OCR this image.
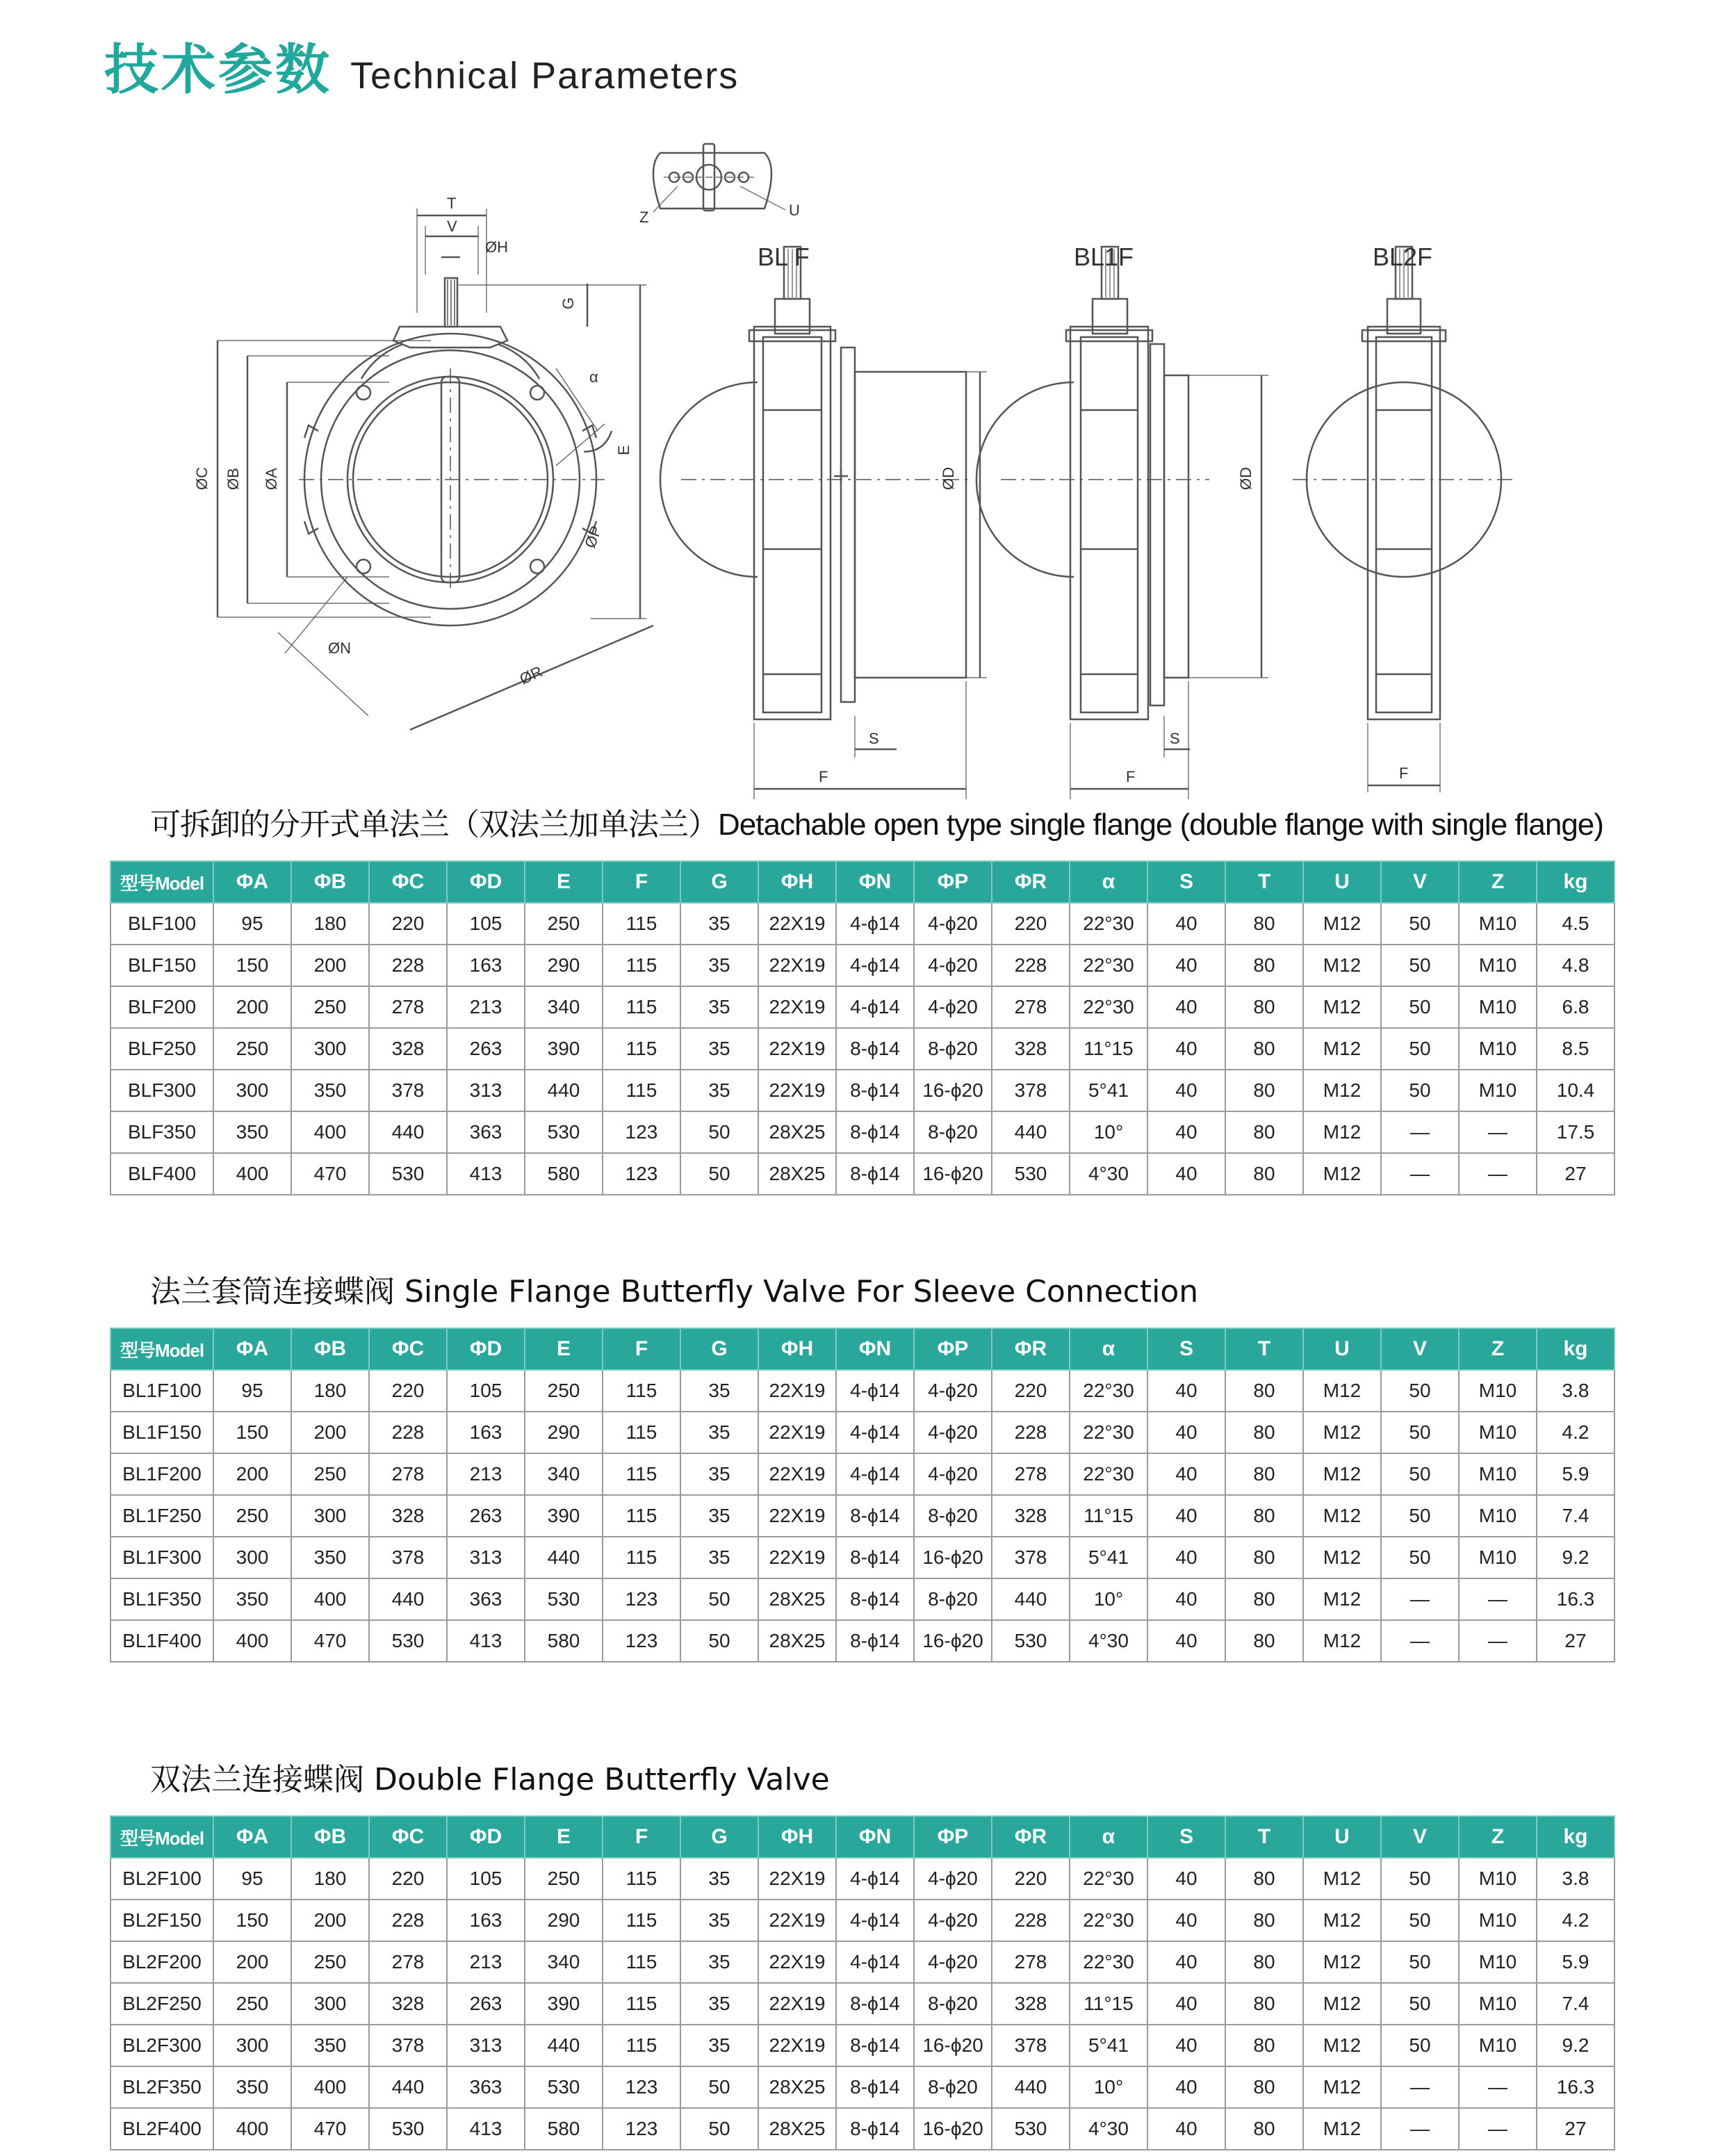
技术参数 Technical Parameters
T
V
ØH
G
E
ØC ØB ØA
α
ØP
ØN
ØR
Z	U
ØD	ØD
S	S
F	F	F
BL F	BL1F	BL2F
可拆卸的分开式单法兰（双法兰加单法兰）Detachable open type single flange (double flange with single flange)
型号Model	ΦA	ΦB	ΦC	ΦD	E	F	G	ΦH	ΦN	ΦP	ΦR	α	S	T	U	V	Z	kg
BLF100	95	180	220	105	250	115	35	22X19	4-ϕ14	4-ϕ20	220	22°30	40	80	M12	50	M10	4.5
BLF150	150	200	228	163	290	115	35	22X19	4-ϕ14	4-ϕ20	228	22°30	40	80	M12	50	M10	4.8
BLF200	200	250	278	213	340	115	35	22X19	4-ϕ14	4-ϕ20	278	22°30	40	80	M12	50	M10	6.8
BLF250	250	300	328	263	390	115	35	22X19	8-ϕ14	8-ϕ20	328	11°15	40	80	M12	50	M10	8.5
BLF300	300	350	378	313	440	115	35	22X19	8-ϕ14	16-ϕ20	378	5°41	40	80	M12	50	M10	10.4
BLF350	350	400	440	363	530	123	50	28X25	8-ϕ14	8-ϕ20	440	10°	40	80	M12	—	—	17.5
BLF400	400	470	530	413	580	123	50	28X25	8-ϕ14	16-ϕ20	530	4°30	40	80	M12	—	—	27
法兰套筒连接蝶阀 Single Flange Butterfly Valve For Sleeve Connection
型号Model	ΦA	ΦB	ΦC	ΦD	E	F	G	ΦH	ΦN	ΦP	ΦR	α	S	T	U	V	Z	kg
BL1F100	95	180	220	105	250	115	35	22X19	4-ϕ14	4-ϕ20	220	22°30	40	80	M12	50	M10	3.8
BL1F150	150	200	228	163	290	115	35	22X19	4-ϕ14	4-ϕ20	228	22°30	40	80	M12	50	M10	4.2
BL1F200	200	250	278	213	340	115	35	22X19	4-ϕ14	4-ϕ20	278	22°30	40	80	M12	50	M10	5.9
BL1F250	250	300	328	263	390	115	35	22X19	8-ϕ14	8-ϕ20	328	11°15	40	80	M12	50	M10	7.4
BL1F300	300	350	378	313	440	115	35	22X19	8-ϕ14	16-ϕ20	378	5°41	40	80	M12	50	M10	9.2
BL1F350	350	400	440	363	530	123	50	28X25	8-ϕ14	8-ϕ20	440	10°	40	80	M12	—	—	16.3
BL1F400	400	470	530	413	580	123	50	28X25	8-ϕ14	16-ϕ20	530	4°30	40	80	M12	—	—	27
双法兰连接蝶阀 Double Flange Butterfly Valve
型号Model	ΦA	ΦB	ΦC	ΦD	E	F	G	ΦH	ΦN	ΦP	ΦR	α	S	T	U	V	Z	kg
BL2F100	95	180	220	105	250	115	35	22X19	4-ϕ14	4-ϕ20	220	22°30	40	80	M12	50	M10	3.8
BL2F150	150	200	228	163	290	115	35	22X19	4-ϕ14	4-ϕ20	228	22°30	40	80	M12	50	M10	4.2
BL2F200	200	250	278	213	340	115	35	22X19	4-ϕ14	4-ϕ20	278	22°30	40	80	M12	50	M10	5.9
BL2F250	250	300	328	263	390	115	35	22X19	8-ϕ14	8-ϕ20	328	11°15	40	80	M12	50	M10	7.4
BL2F300	300	350	378	313	440	115	35	22X19	8-ϕ14	16-ϕ20	378	5°41	40	80	M12	50	M10	9.2
BL2F350	350	400	440	363	530	123	50	28X25	8-ϕ14	8-ϕ20	440	10°	40	80	M12	—	—	16.3
BL2F400	400	470	530	413	580	123	50	28X25	8-ϕ14	16-ϕ20	530	4°30	40	80	M12	—	—	27
